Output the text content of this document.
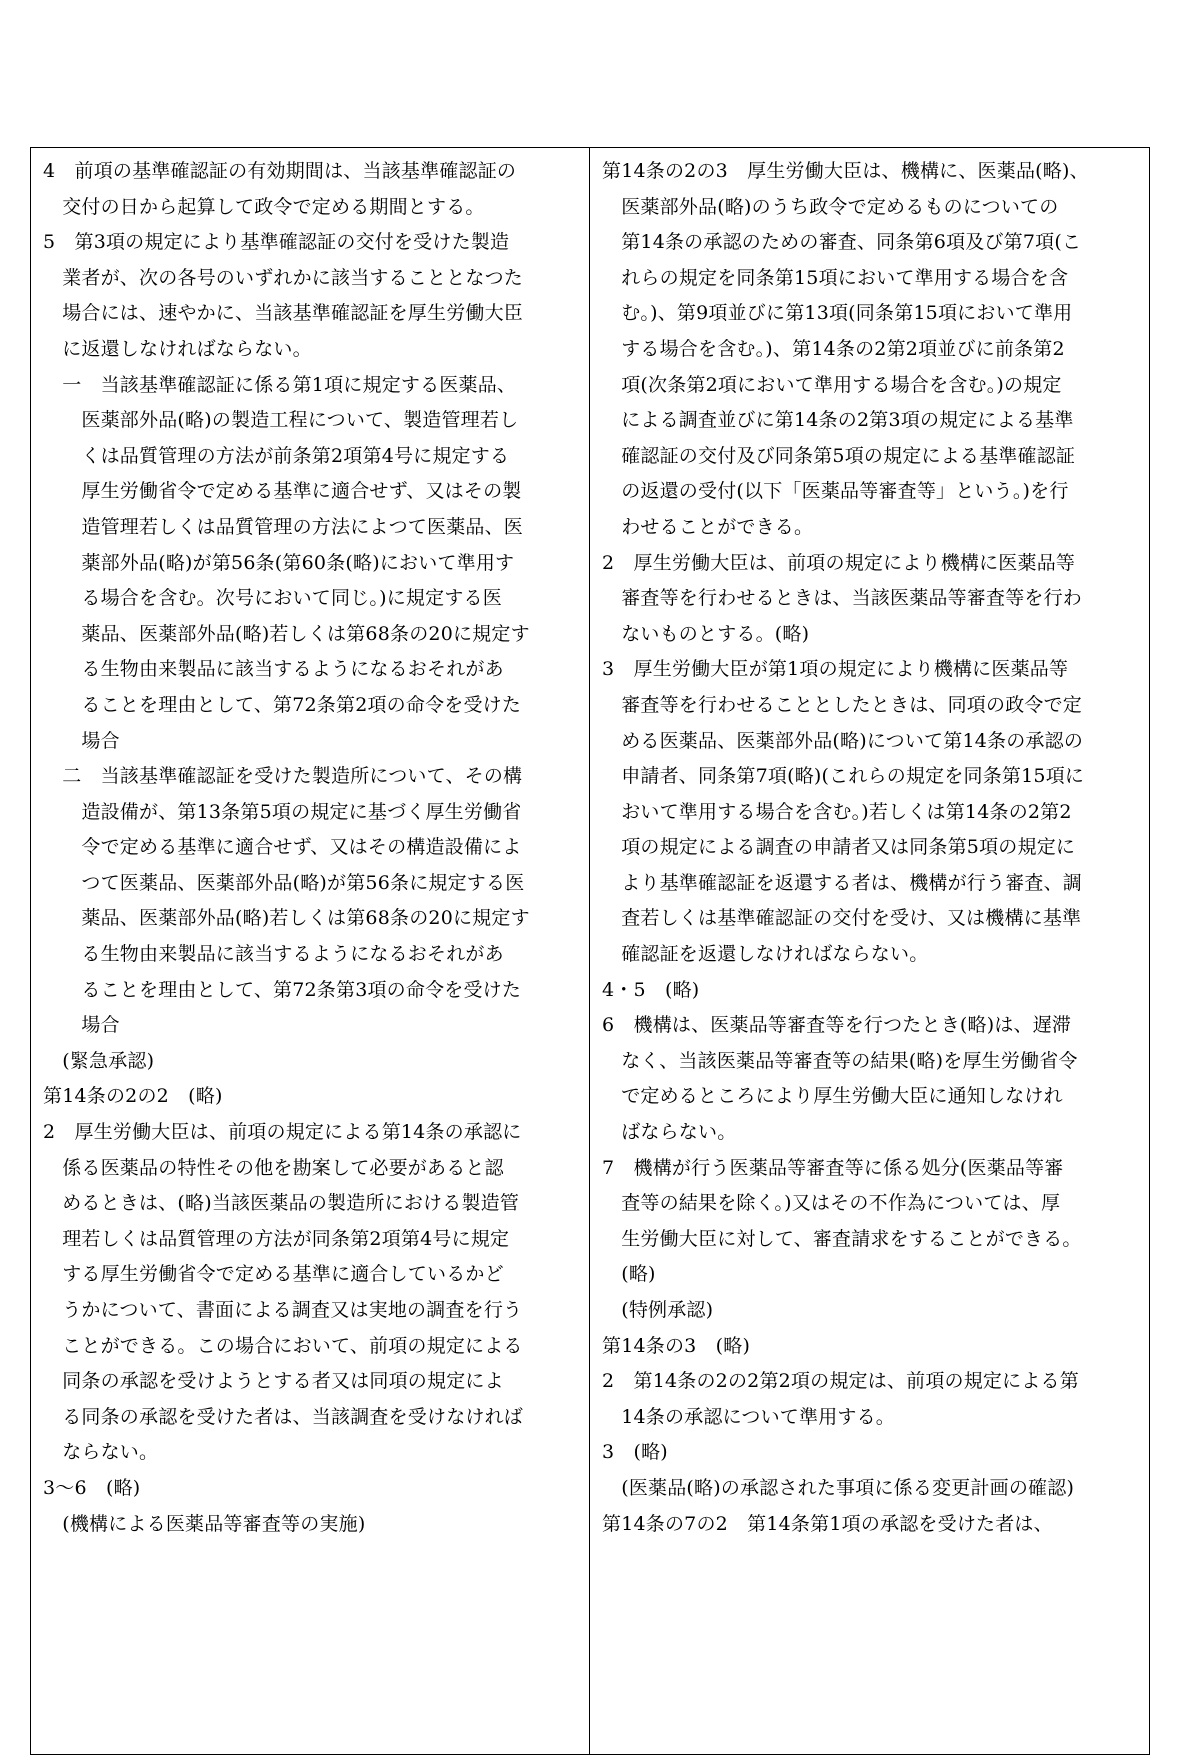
4　前項の基準確認証の有効期間は、当該基準確認証の
　交付の日から起算して政令で定める期間とする。
5　第3項の規定により基準確認証の交付を受けた製造
　業者が、次の各号のいずれかに該当することとなつた
　場合には、速やかに、当該基準確認証を厚生労働大臣
　に返還しなければならない。
　一　当該基準確認証に係る第1項に規定する医薬品、
　　医薬部外品(略)の製造工程について、製造管理若し
　　くは品質管理の方法が前条第2項第4号に規定する
　　厚生労働省令で定める基準に適合せず、又はその製
　　造管理若しくは品質管理の方法によつて医薬品、医
　　薬部外品(略)が第56条(第60条(略)において準用す
　　る場合を含む。次号において同じ。)に規定する医
　　薬品、医薬部外品(略)若しくは第68条の20に規定す
　　る生物由来製品に該当するようになるおそれがあ
　　ることを理由として、第72条第2項の命令を受けた
　　場合
　二　当該基準確認証を受けた製造所について、その構
　　造設備が、第13条第5項の規定に基づく厚生労働省
　　令で定める基準に適合せず、又はその構造設備によ
　　つて医薬品、医薬部外品(略)が第56条に規定する医
　　薬品、医薬部外品(略)若しくは第68条の20に規定す
　　る生物由来製品に該当するようになるおそれがあ
　　ることを理由として、第72条第3項の命令を受けた
　　場合
　(緊急承認)
第14条の2の2　(略)
2　厚生労働大臣は、前項の規定による第14条の承認に
　係る医薬品の特性その他を勘案して必要があると認
　めるときは、(略)当該医薬品の製造所における製造管
　理若しくは品質管理の方法が同条第2項第4号に規定
　する厚生労働省令で定める基準に適合しているかど
　うかについて、書面による調査又は実地の調査を行う
　ことができる。この場合において、前項の規定による
　同条の承認を受けようとする者又は同項の規定によ
　る同条の承認を受けた者は、当該調査を受けなければ
　ならない。
3～6　(略)
　(機構による医薬品等審査等の実施)
第14条の2の3　厚生労働大臣は、機構に、医薬品(略)、
　医薬部外品(略)のうち政令で定めるものについての
　第14条の承認のための審査、同条第6項及び第7項(こ
　れらの規定を同条第15項において準用する場合を含
　む。)、第9項並びに第13項(同条第15項において準用
　する場合を含む。)、第14条の2第2項並びに前条第2
　項(次条第2項において準用する場合を含む。)の規定
　による調査並びに第14条の2第3項の規定による基準
　確認証の交付及び同条第5項の規定による基準確認証
　の返還の受付(以下「医薬品等審査等」という。)を行
　わせることができる。
2　厚生労働大臣は、前項の規定により機構に医薬品等
　審査等を行わせるときは、当該医薬品等審査等を行わ
　ないものとする。(略)
3　厚生労働大臣が第1項の規定により機構に医薬品等
　審査等を行わせることとしたときは、同項の政令で定
　める医薬品、医薬部外品(略)について第14条の承認の
　申請者、同条第7項(略)(これらの規定を同条第15項に
　おいて準用する場合を含む。)若しくは第14条の2第2
　項の規定による調査の申請者又は同条第5項の規定に
　より基準確認証を返還する者は、機構が行う審査、調
　査若しくは基準確認証の交付を受け、又は機構に基準
　確認証を返還しなければならない。
4・5　(略)
6　機構は、医薬品等審査等を行つたとき(略)は、遅滞
　なく、当該医薬品等審査等の結果(略)を厚生労働省令
　で定めるところにより厚生労働大臣に通知しなけれ
　ばならない。
7　機構が行う医薬品等審査等に係る処分(医薬品等審
　査等の結果を除く。)又はその不作為については、厚
　生労働大臣に対して、審査請求をすることができる。
　(略)
　(特例承認)
第14条の3　(略)
2　第14条の2の2第2項の規定は、前項の規定による第
　14条の承認について準用する。
3　(略)
　(医薬品(略)の承認された事項に係る変更計画の確認)
第14条の7の2　第14条第1項の承認を受けた者は、
